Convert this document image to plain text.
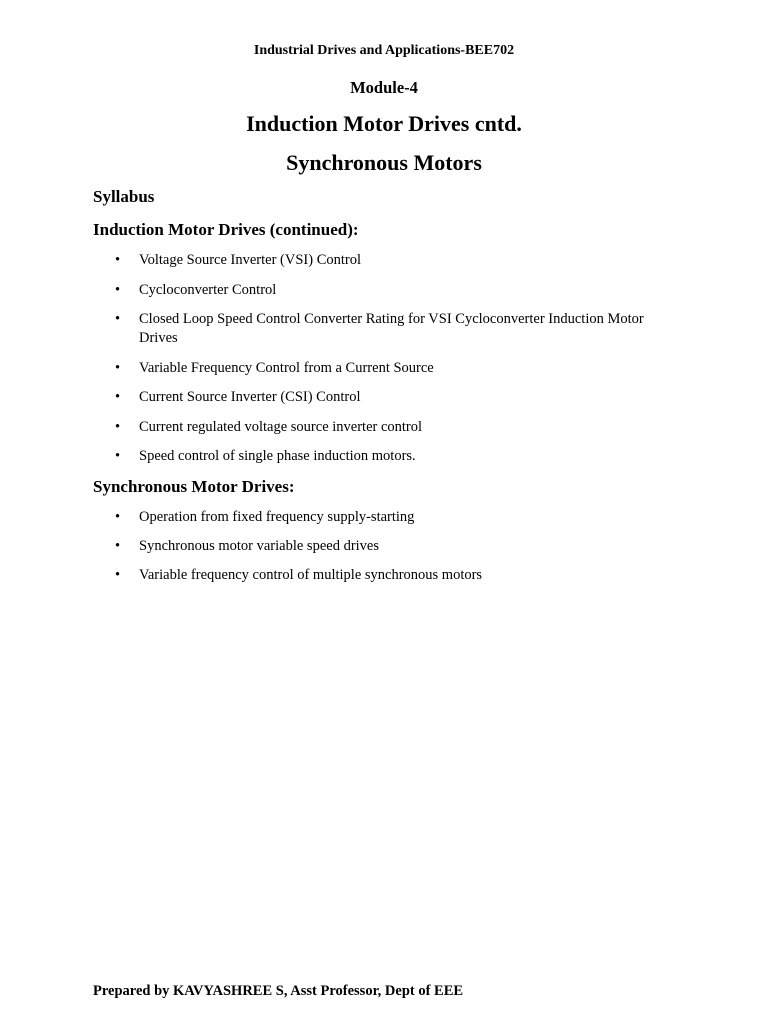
Industrial Drives and Applications-BEE702

Module-4

Induction Motor Drives cntd.

Synchronous Motors

Syllabus

Induction Motor Drives (continued):

• Voltage Source Inverter (VSI) Control
• Cycloconverter Control
• Closed Loop Speed Control Converter Rating for VSI Cycloconverter Induction Motor Drives
• Variable Frequency Control from a Current Source
• Current Source Inverter (CSI) Control
• Current regulated voltage source inverter control
• Speed control of single phase induction motors.

Synchronous Motor Drives:

• Operation from fixed frequency supply-starting
• Synchronous motor variable speed drives
• Variable frequency control of multiple synchronous motors

Prepared by KAVYASHREE S, Asst Professor, Dept of EEE
